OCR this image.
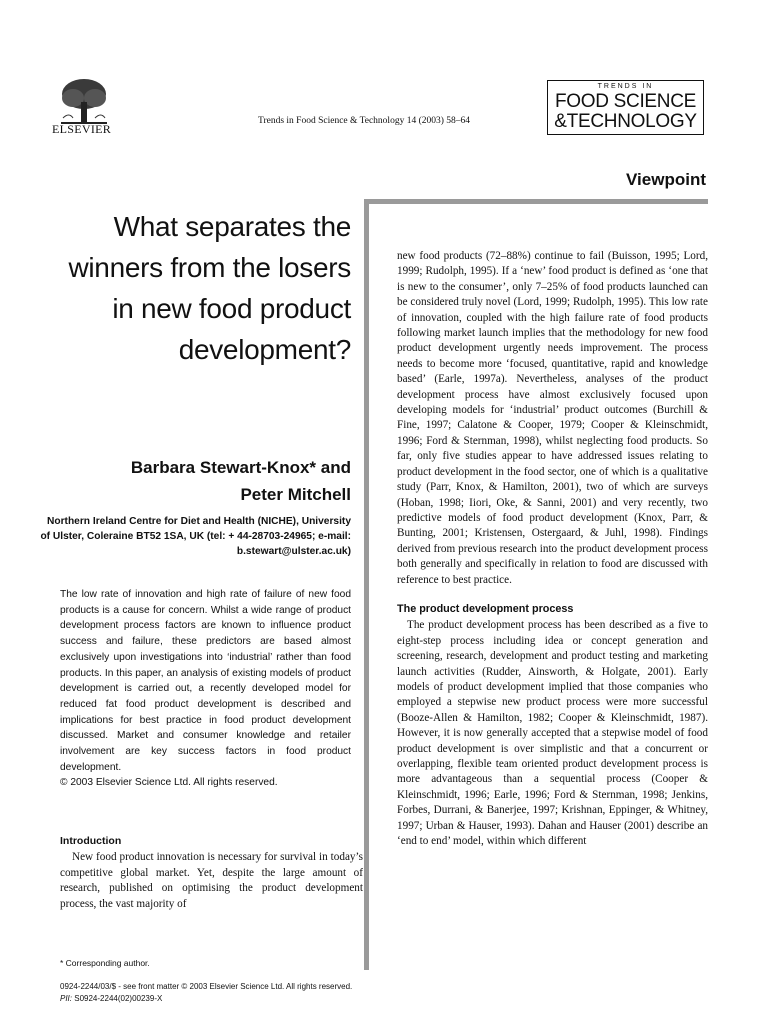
ELSEVIER
Trends in Food Science & Technology 14 (2003) 58–64
TRENDS IN
FOOD SCIENCE
&TECHNOLOGY
Viewpoint
What separates the winners from the losers in new food product development?
Barbara Stewart-Knox* and
Peter Mitchell
Northern Ireland Centre for Diet and Health (NICHE), University of Ulster, Coleraine BT52 1SA, UK (tel: + 44-28703-24965; e-mail: b.stewart@ulster.ac.uk)

The low rate of innovation and high rate of failure of new food products is a cause for concern. Whilst a wide range of product development process factors are known to influence product success and failure, these predictors are based almost exclusively upon investigations into ‘industrial’ rather than food products. In this paper, an analysis of existing models of product development is carried out, a recently developed model for reduced fat food product development is described and implications for best practice in food product development discussed. Market and consumer knowledge and retailer involvement are key success factors in food product development.

© 2003 Elsevier Science Ltd. All rights reserved.

Introduction
New food product innovation is necessary for survival in today’s competitive global market. Yet, despite the large amount of research, published on optimising the product development process, the vast majority of
* Corresponding author.

new food products (72–88%) continue to fail (Buisson, 1995; Lord, 1999; Rudolph, 1995). If a ‘new’ food product is defined as ‘one that is new to the consumer’, only 7–25% of food products launched can be considered truly novel (Lord, 1999; Rudolph, 1995). This low rate of innovation, coupled with the high failure rate of food products following market launch implies that the methodology for new food product development urgently needs improvement. The process needs to become more ‘focused, quantitative, rapid and knowledge based’ (Earle, 1997a). Nevertheless, analyses of the product development process have almost exclusively focused upon developing models for ‘industrial’ product outcomes (Burchill & Fine, 1997; Calatone & Cooper, 1979; Cooper & Kleinschmidt, 1996; Ford & Sternman, 1998), whilst neglecting food products. So far, only five studies appear to have addressed issues relating to product development in the food sector, one of which is a qualitative study (Parr, Knox, & Hamilton, 2001), two of which are surveys (Hoban, 1998; Iiori, Oke, & Sanni, 2001) and very recently, two predictive models of food product development (Knox, Parr, & Bunting, 2001; Kristensen, Ostergaard, & Juhl, 1998). Findings derived from previous research into the product development process both generally and specifically in relation to food are discussed with reference to best practice.

The product development process

The product development process has been described as a five to eight-step process including idea or concept generation and screening, research, development and product testing and marketing launch activities (Rudder, Ainsworth, & Holgate, 2001). Early models of product development implied that those companies who employed a stepwise new product process were more successful (Booze-Allen & Hamilton, 1982; Cooper & Kleinschmidt, 1987). However, it is now generally accepted that a stepwise model of food product development is over simplistic and that a concurrent or overlapping, flexible team oriented product development process is more advantageous than a sequential process (Cooper & Kleinschmidt, 1996; Earle, 1996; Ford & Sternman, 1998; Jenkins, Forbes, Durrani, & Banerjee, 1997; Krishnan, Eppinger, & Whitney, 1997; Urban & Hauser, 1993). Dahan and Hauser (2001) describe an ‘end to end’ model, within which different

0924-2244/03/$ - see front matter © 2003 Elsevier Science Ltd. All rights reserved.
PII: S0924-2244(02)00239-X
